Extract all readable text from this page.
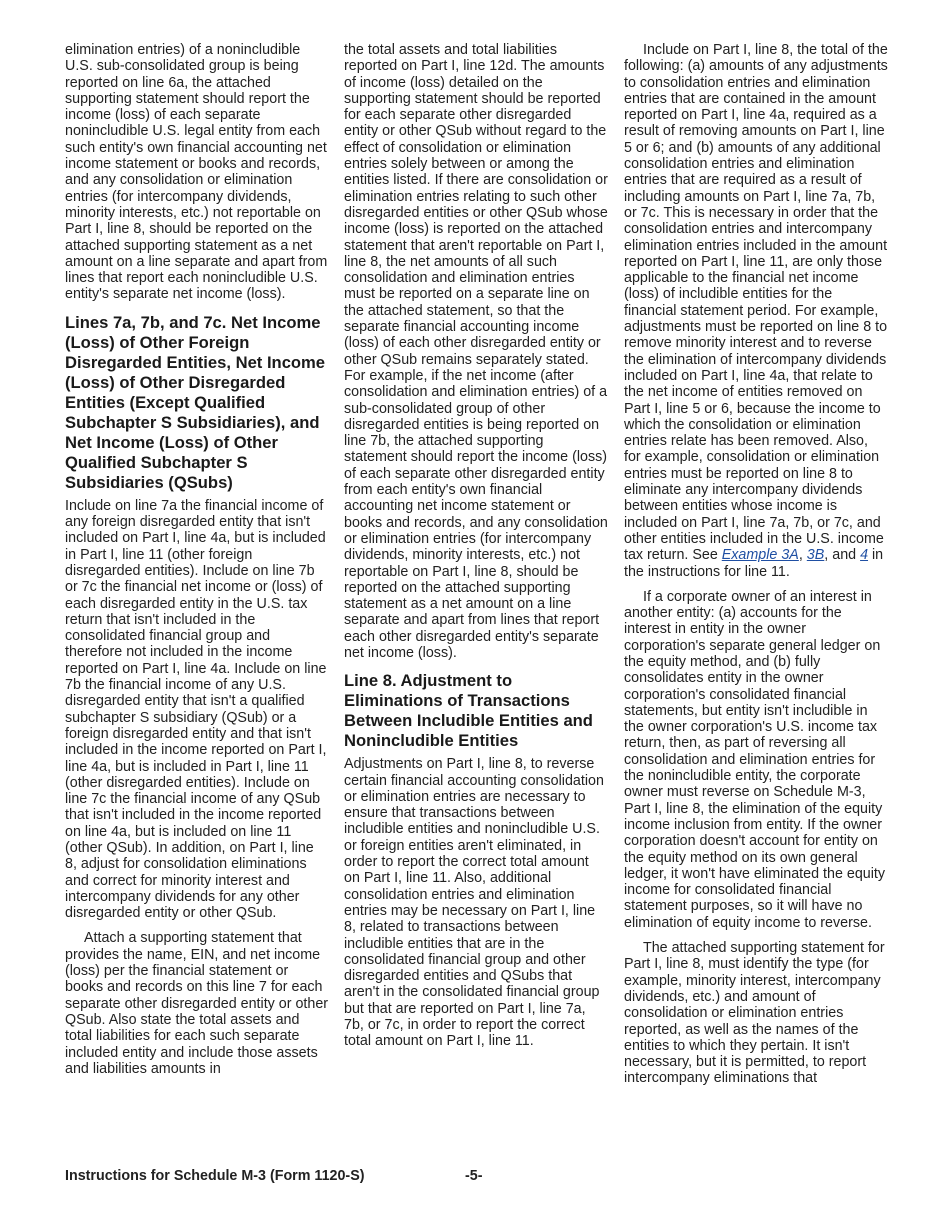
elimination entries) of a nonincludible U.S. sub-consolidated group is being reported on line 6a, the attached supporting statement should report the income (loss) of each separate nonincludible U.S. legal entity from each such entity's own financial accounting net income statement or books and records, and any consolidation or elimination entries (for intercompany dividends, minority interests, etc.) not reportable on Part I, line 8, should be reported on the attached supporting statement as a net amount on a line separate and apart from lines that report each nonincludible U.S. entity's separate net income (loss).

Lines 7a, 7b, and 7c. Net Income (Loss) of Other Foreign Disregarded Entities, Net Income (Loss) of Other Disregarded Entities (Except Qualified Subchapter S Subsidiaries), and Net Income (Loss) of Other Qualified Subchapter S Subsidiaries (QSubs)

Include on line 7a the financial income of any foreign disregarded entity that isn't included on Part I, line 4a, but is included in Part I, line 11 (other foreign disregarded entities). Include on line 7b or 7c the financial net income or (loss) of each disregarded entity in the U.S. tax return that isn't included in the consolidated financial group and therefore not included in the income reported on Part I, line 4a. Include on line 7b the financial income of any U.S. disregarded entity that isn't a qualified subchapter S subsidiary (QSub) or a foreign disregarded entity and that isn't included in the income reported on Part I, line 4a, but is included in Part I, line 11 (other disregarded entities). Include on line 7c the financial income of any QSub that isn't included in the income reported on line 4a, but is included on line 11 (other QSub). In addition, on Part I, line 8, adjust for consolidation eliminations and correct for minority interest and intercompany dividends for any other disregarded entity or other QSub.

Attach a supporting statement that provides the name, EIN, and net income (loss) per the financial statement or books and records on this line 7 for each separate other disregarded entity or other QSub. Also state the total assets and total liabilities for each such separate included entity and include those assets and liabilities amounts in

the total assets and total liabilities reported on Part I, line 12d. The amounts of income (loss) detailed on the supporting statement should be reported for each separate other disregarded entity or other QSub without regard to the effect of consolidation or elimination entries solely between or among the entities listed. If there are consolidation or elimination entries relating to such other disregarded entities or other QSub whose income (loss) is reported on the attached statement that aren't reportable on Part I, line 8, the net amounts of all such consolidation and elimination entries must be reported on a separate line on the attached statement, so that the separate financial accounting income (loss) of each other disregarded entity or other QSub remains separately stated. For example, if the net income (after consolidation and elimination entries) of a sub-consolidated group of other disregarded entities is being reported on line 7b, the attached supporting statement should report the income (loss) of each separate other disregarded entity from each entity's own financial accounting net income statement or books and records, and any consolidation or elimination entries (for intercompany dividends, minority interests, etc.) not reportable on Part I, line 8, should be reported on the attached supporting statement as a net amount on a line separate and apart from lines that report each other disregarded entity's separate net income (loss).

Line 8. Adjustment to Eliminations of Transactions Between Includible Entities and Nonincludible Entities

Adjustments on Part I, line 8, to reverse certain financial accounting consolidation or elimination entries are necessary to ensure that transactions between includible entities and nonincludible U.S. or foreign entities aren't eliminated, in order to report the correct total amount on Part I, line 11. Also, additional consolidation entries and elimination entries may be necessary on Part I, line 8, related to transactions between includible entities that are in the consolidated financial group and other disregarded entities and QSubs that aren't in the consolidated financial group but that are reported on Part I, line 7a, 7b, or 7c, in order to report the correct total amount on Part I, line 11.

Include on Part I, line 8, the total of the following: (a) amounts of any adjustments to consolidation entries and elimination entries that are contained in the amount reported on Part I, line 4a, required as a result of removing amounts on Part I, line 5 or 6; and (b) amounts of any additional consolidation entries and elimination entries that are required as a result of including amounts on Part I, line 7a, 7b, or 7c. This is necessary in order that the consolidation entries and intercompany elimination entries included in the amount reported on Part I, line 11, are only those applicable to the financial net income (loss) of includible entities for the financial statement period. For example, adjustments must be reported on line 8 to remove minority interest and to reverse the elimination of intercompany dividends included on Part I, line 4a, that relate to the net income of entities removed on Part I, line 5 or 6, because the income to which the consolidation or elimination entries relate has been removed. Also, for example, consolidation or elimination entries must be reported on line 8 to eliminate any intercompany dividends between entities whose income is included on Part I, line 7a, 7b, or 7c, and other entities included in the U.S. income tax return. See Example 3A, 3B, and 4 in the instructions for line 11.

If a corporate owner of an interest in another entity: (a) accounts for the interest in entity in the owner corporation's separate general ledger on the equity method, and (b) fully consolidates entity in the owner corporation's consolidated financial statements, but entity isn't includible in the owner corporation's U.S. income tax return, then, as part of reversing all consolidation and elimination entries for the nonincludible entity, the corporate owner must reverse on Schedule M-3, Part I, line 8, the elimination of the equity income inclusion from entity. If the owner corporation doesn't account for entity on the equity method on its own general ledger, it won't have eliminated the equity income for consolidated financial statement purposes, so it will have no elimination of equity income to reverse.

The attached supporting statement for Part I, line 8, must identify the type (for example, minority interest, intercompany dividends, etc.) and amount of consolidation or elimination entries reported, as well as the names of the entities to which they pertain. It isn't necessary, but it is permitted, to report intercompany eliminations that

Instructions for Schedule M-3 (Form 1120-S)	-5-
